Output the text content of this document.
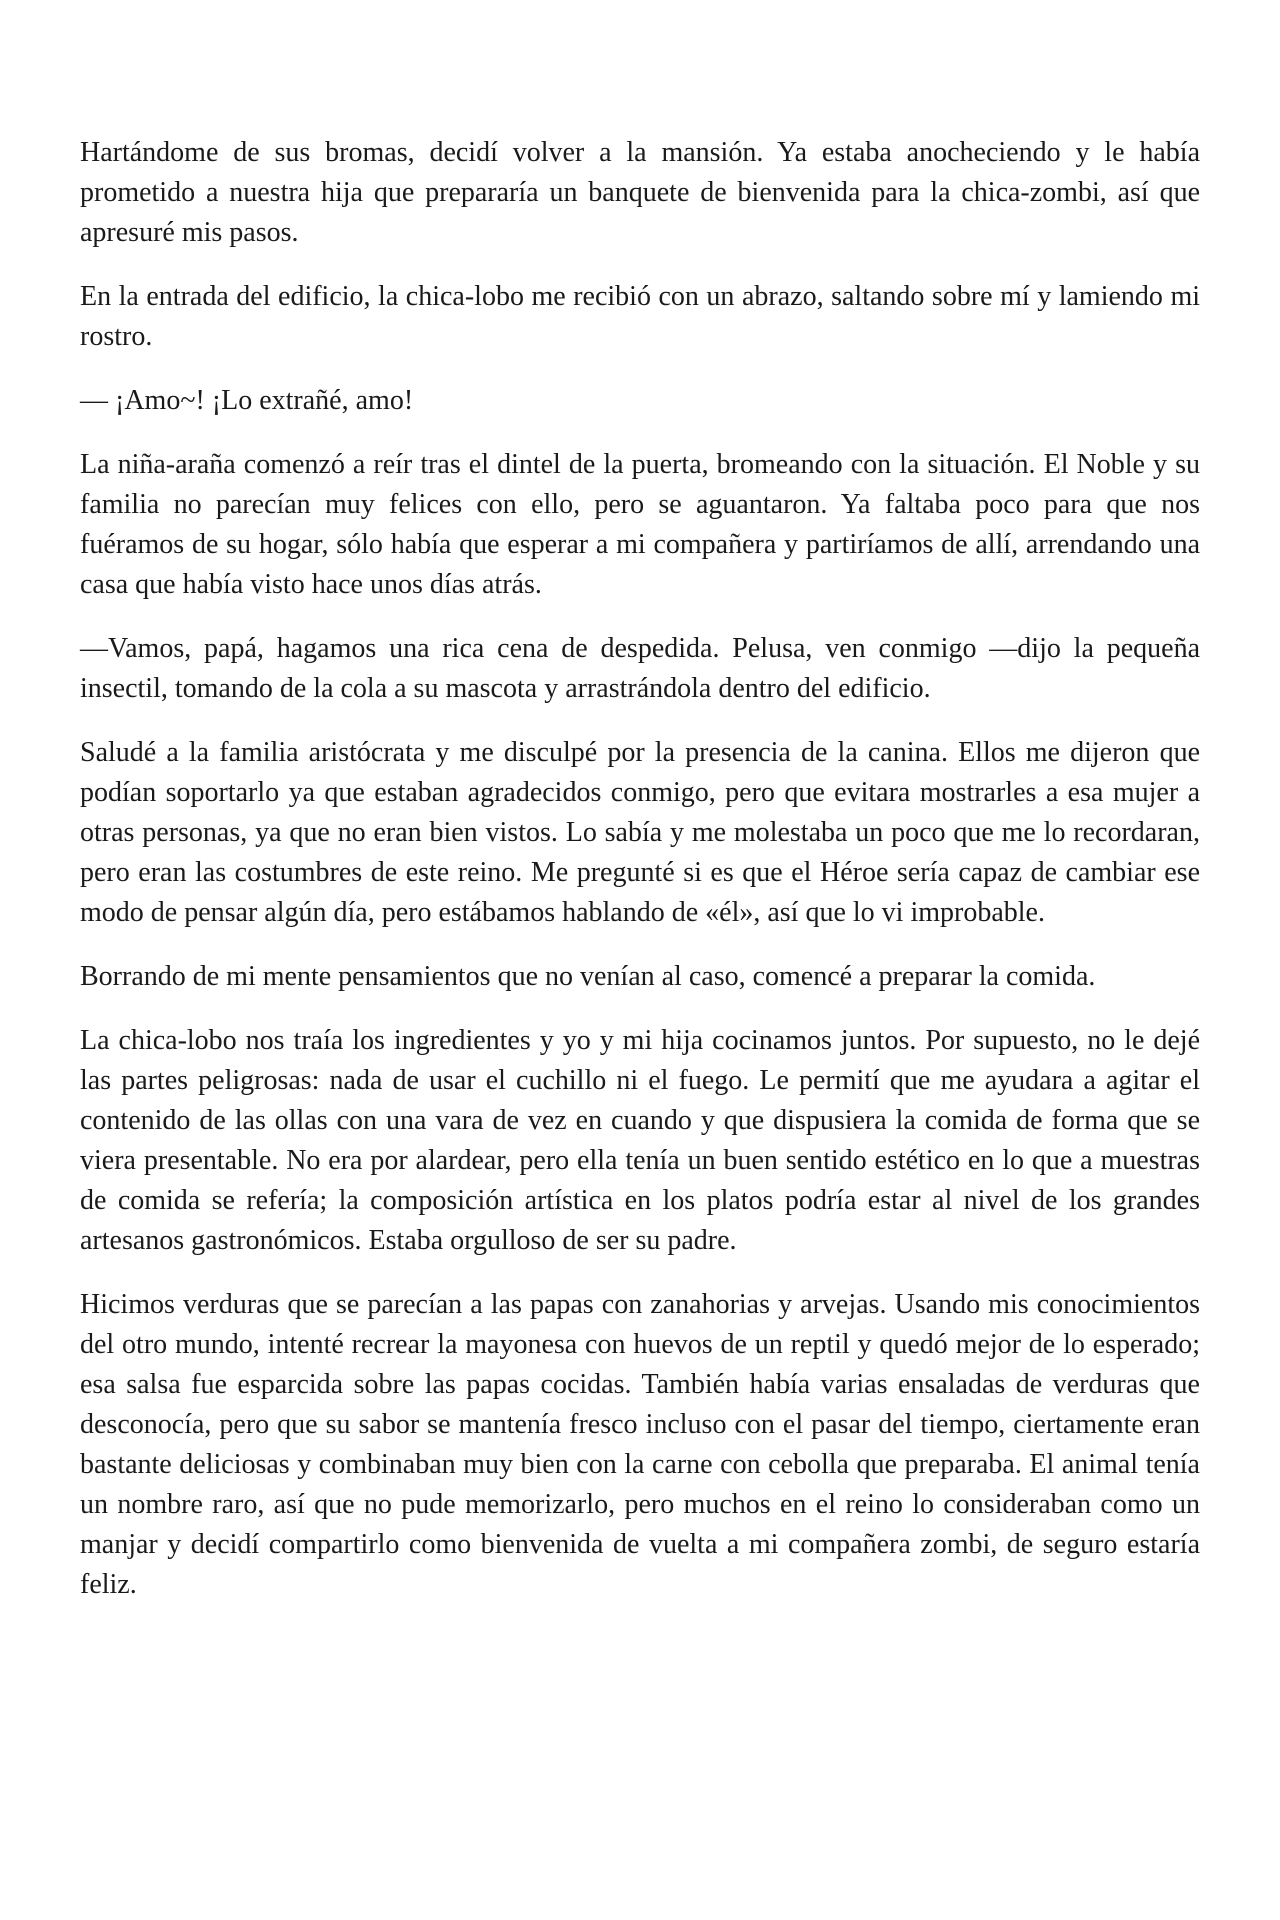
Hartándome de sus bromas, decidí volver a la mansión. Ya estaba anocheciendo y le había prometido a nuestra hija que prepararía un banquete de bienvenida para la chica-zombi, así que apresuré mis pasos.

En la entrada del edificio, la chica-lobo me recibió con un abrazo, saltando sobre mí y lamiendo mi rostro.

— ¡Amo~! ¡Lo extrañé, amo!

La niña-araña comenzó a reír tras el dintel de la puerta, bromeando con la situación. El Noble y su familia no parecían muy felices con ello, pero se aguantaron. Ya faltaba poco para que nos fuéramos de su hogar, sólo había que esperar a mi compañera y partiríamos de allí, arrendando una casa que había visto hace unos días atrás.

—Vamos, papá, hagamos una rica cena de despedida. Pelusa, ven conmigo —dijo la pequeña insectil, tomando de la cola a su mascota y arrastrándola dentro del edificio.

Saludé a la familia aristócrata y me disculpé por la presencia de la canina. Ellos me dijeron que podían soportarlo ya que estaban agradecidos conmigo, pero que evitara mostrarles a esa mujer a otras personas, ya que no eran bien vistos. Lo sabía y me molestaba un poco que me lo recordaran, pero eran las costumbres de este reino. Me pregunté si es que el Héroe sería capaz de cambiar ese modo de pensar algún día, pero estábamos hablando de «él», así que lo vi improbable.

Borrando de mi mente pensamientos que no venían al caso, comencé a preparar la comida.

La chica-lobo nos traía los ingredientes y yo y mi hija cocinamos juntos. Por supuesto, no le dejé las partes peligrosas: nada de usar el cuchillo ni el fuego. Le permití que me ayudara a agitar el contenido de las ollas con una vara de vez en cuando y que dispusiera la comida de forma que se viera presentable. No era por alardear, pero ella tenía un buen sentido estético en lo que a muestras de comida se refería; la composición artística en los platos podría estar al nivel de los grandes artesanos gastronómicos. Estaba orgulloso de ser su padre.

Hicimos verduras que se parecían a las papas con zanahorias y arvejas. Usando mis conocimientos del otro mundo, intenté recrear la mayonesa con huevos de un reptil y quedó mejor de lo esperado; esa salsa fue esparcida sobre las papas cocidas. También había varias ensaladas de verduras que desconocía, pero que su sabor se mantenía fresco incluso con el pasar del tiempo, ciertamente eran bastante deliciosas y combinaban muy bien con la carne con cebolla que preparaba. El animal tenía un nombre raro, así que no pude memorizarlo, pero muchos en el reino lo consideraban como un manjar y decidí compartirlo como bienvenida de vuelta a mi compañera zombi, de seguro estaría feliz.
